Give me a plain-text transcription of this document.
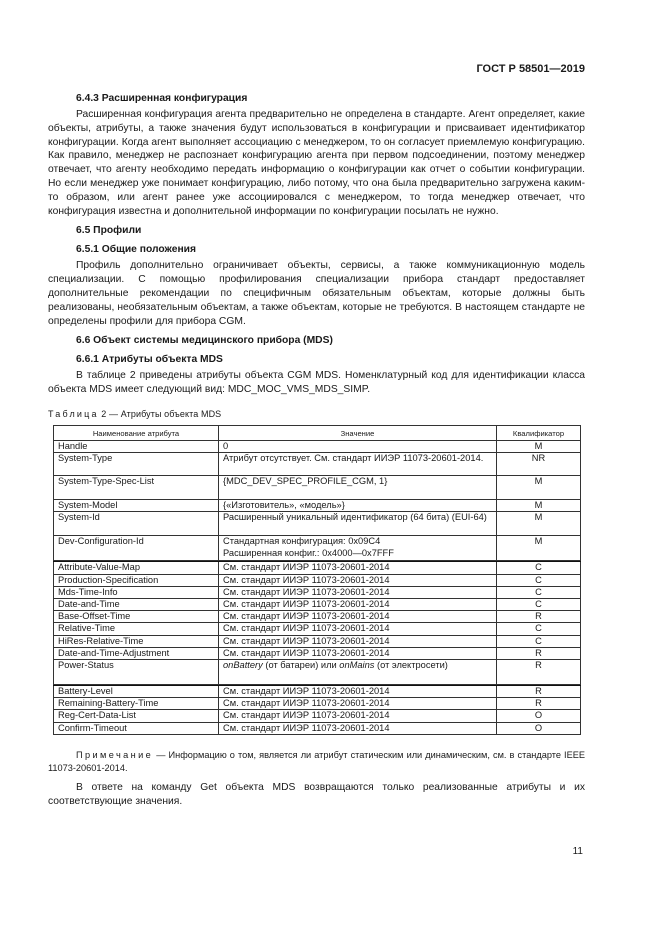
ГОСТ Р 58501—2019
6.4.3 Расширенная конфигурация

Расширенная конфигурация агента предварительно не определена в стандарте. Агент определяет, какие объекты, атрибуты, а также значения будут использоваться в конфигурации и присваивает идентификатор конфигурации. Когда агент выполняет ассоциацию с менеджером, то он согласует приемлемую конфигурацию. Как правило, менеджер не распознает конфигурацию агента при первом подсоединении, поэтому менеджер отвечает, что агенту необходимо передать информацию о конфигурации как отчет о событии конфигурации. Но если менеджер уже понимает конфигурацию, либо потому, что она была предварительно загружена каким-то образом, или агент ранее уже ассоциировался с менеджером, то тогда менеджер отвечает, что конфигурация известна и дополнительной информации по конфигурации посылать не нужно.

6.5 Профили
6.5.1 Общие положения

Профиль дополнительно ограничивает объекты, сервисы, а также коммуникационную модель специализации. С помощью профилирования специализации прибора стандарт предоставляет дополнительные рекомендации по специфичным обязательным объектам, которые должны быть реализованы, необязательным объектам, а также объектам, которые не требуются. В настоящем стандарте не определены профили для прибора CGM.

6.6 Объект системы медицинского прибора (MDS)
6.6.1 Атрибуты объекта MDS

В таблице 2 приведены атрибуты объекта CGM MDS. Номенклатурный код для идентификации класса объекта MDS имеет следующий вид: MDC_MOC_VMS_MDS_SIMP.

Таблица 2 — Атрибуты объекта MDS
Наименование атрибута	Значение	Квалификатор
Handle	0	M
System-Type	Атрибут отсутствует. См. стандарт ИИЭР 11073-20601-2014.	NR
System-Type-Spec-List	{MDC_DEV_SPEC_PROFILE_CGM, 1}	M
System-Model	{«Изготовитель», «модель»}	M
System-Id	Расширенный уникальный идентификатор (64 бита) (EUI-64)	M
Dev-Configuration-Id	Стандартная конфигурация: 0x09C4
Расширенная конфиг.: 0x4000—0x7FFF	M

Attribute-Value-Map	См. стандарт ИИЭР 11073-20601-2014	C
Production-Specification	См. стандарт ИИЭР 11073-20601-2014	C
Mds-Time-Info	См. стандарт ИИЭР 11073-20601-2014	C
Date-and-Time	См. стандарт ИИЭР 11073-20601-2014	C
Base-Offset-Time	См. стандарт ИИЭР 11073-20601-2014	R
Relative-Time	См. стандарт ИИЭР 11073-20601-2014	C
HiRes-Relative-Time	См. стандарт ИИЭР 11073-20601-2014	C
Date-and-Time-Adjustment	См. стандарт ИИЭР 11073-20601-2014	R
Power-Status	onBattery (от батареи) или onMains (от электросети)	R

Battery-Level	См. стандарт ИИЭР 11073-20601-2014	R
Remaining-Battery-Time	См. стандарт ИИЭР 11073-20601-2014	R
Reg-Cert-Data-List	См. стандарт ИИЭР 11073-20601-2014	O
Confirm-Timeout	См. стандарт ИИЭР 11073-20601-2014	O

Примечание — Информацию о том, является ли атрибут статическим или динамическим, см. в стандарте IEEE 11073-20601-2014.

В ответе на команду Get объекта MDS возвращаются только реализованные атрибуты и их соответствующие значения.

11
